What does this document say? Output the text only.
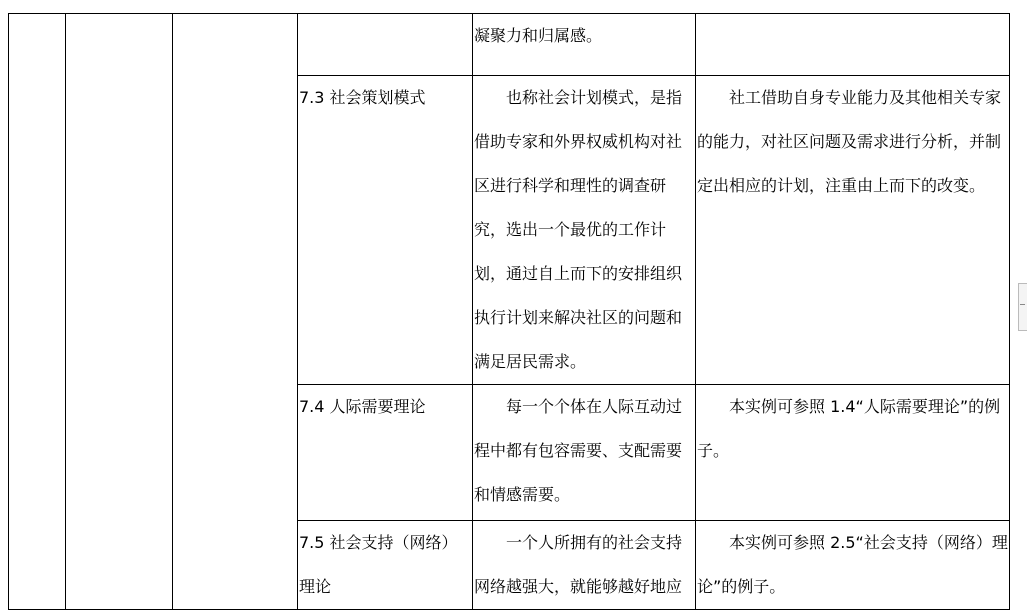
				凝聚力和归属感。	

			7.3 社会策划模式	也称社会计划模式，是指借助专家和外界权威机构对社区进行科学和理性的调查研究，选出一个最优的工作计划，通过自上而下的安排组织执行计划来解决社区的问题和满足居民需求。	社工借助自身专业能力及其他相关专家的能力，对社区问题及需求进行分析，并制定出相应的计划，注重由上而下的改变。

			7.4 人际需要理论	每一个个体在人际互动过程中都有包容需要、支配需要和情感需要。	本实例可参照 1.4“人际需要理论”的例子。

			7.5 社会支持（网络）理论	一个人所拥有的社会支持网络越强大，就能够越好地应	本实例可参照 2.5“社会支持（网络）理论”的例子。
